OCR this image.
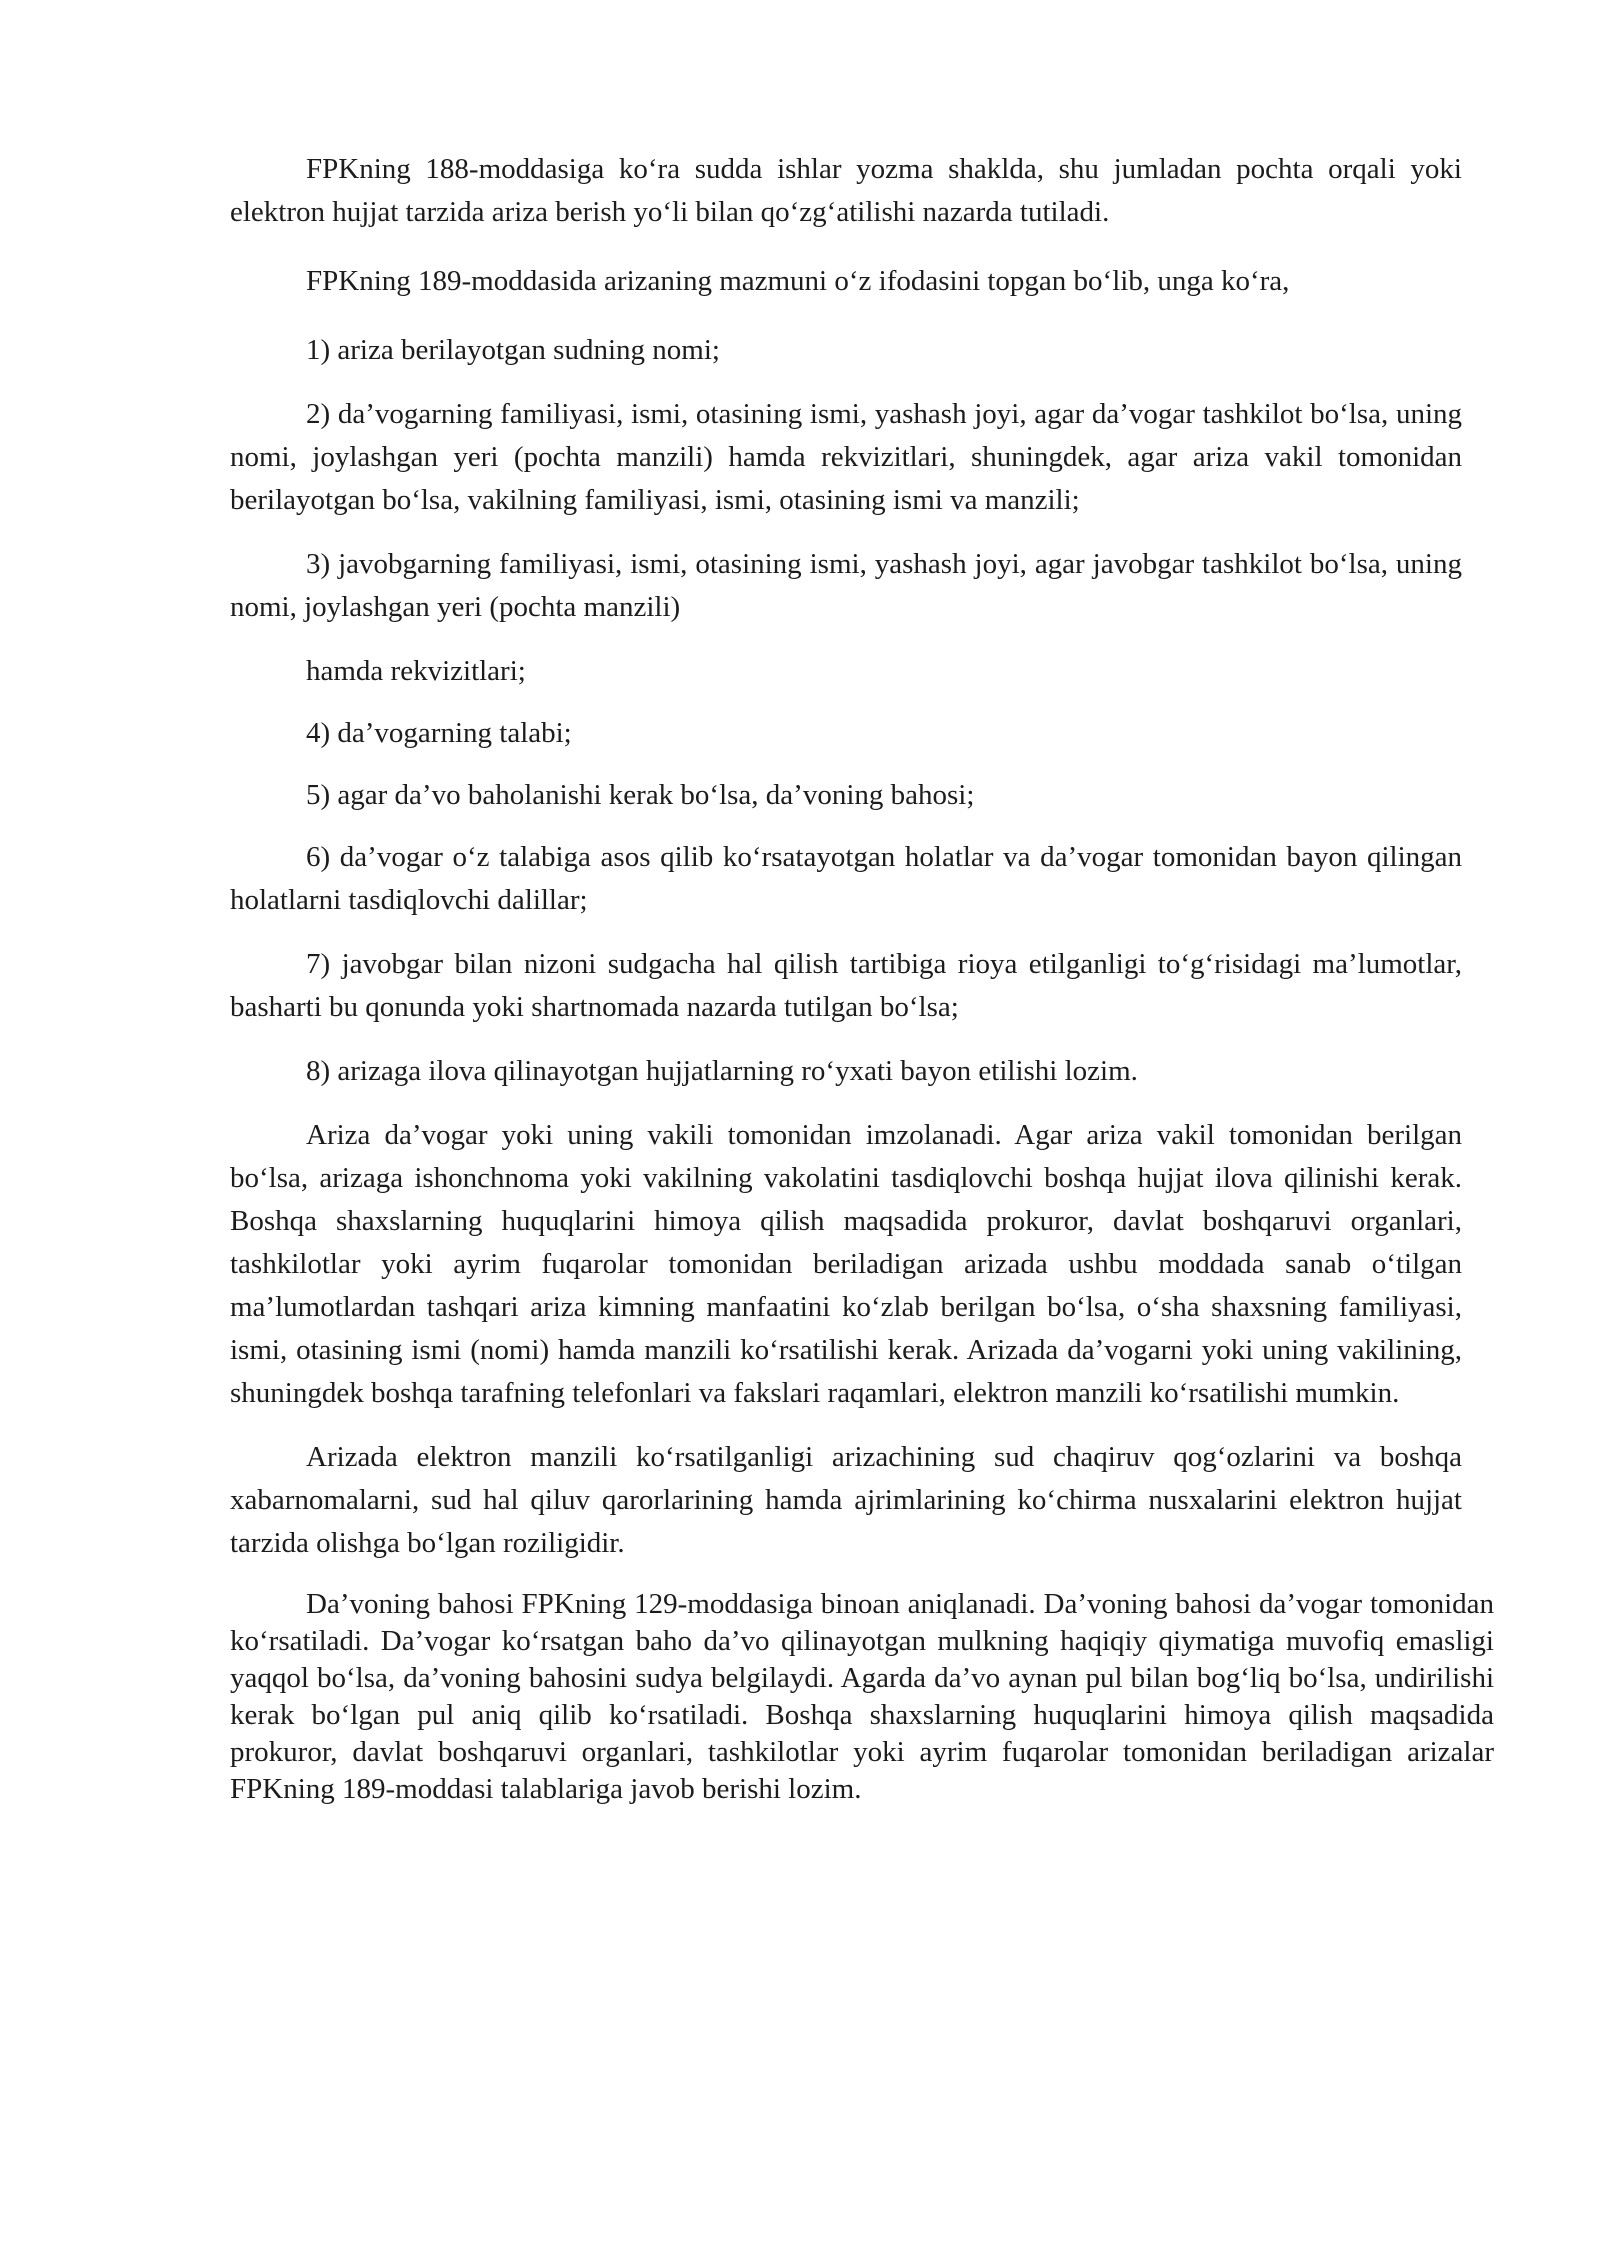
FPKning 188-moddasiga ko‘ra sudda ishlar yozma shaklda, shu jumladan pochta orqali yoki elektron hujjat tarzida ariza berish yo‘li bilan qo‘zg‘atilishi nazarda tutiladi.

FPKning 189-moddasida arizaning mazmuni o‘z ifodasini topgan bo‘lib, unga ko‘ra,

1) ariza berilayotgan sudning nomi;

2) da’vogarning familiyasi, ismi, otasining ismi, yashash joyi, agar da’vogar tashkilot bo‘lsa, uning nomi, joylashgan yeri (pochta manzili) hamda rekvizitlari, shuningdek, agar ariza vakil tomonidan berilayotgan bo‘lsa, vakilning familiyasi, ismi, otasining ismi va manzili;

3) javobgarning familiyasi, ismi, otasining ismi, yashash joyi, agar javobgar tashkilot bo‘lsa, uning nomi, joylashgan yeri (pochta manzili)

hamda rekvizitlari;

4) da’vogarning talabi;

5) agar da’vo baholanishi kerak bo‘lsa, da’voning bahosi;

6) da’vogar o‘z talabiga asos qilib ko‘rsatayotgan holatlar va da’vogar tomonidan bayon qilingan holatlarni tasdiqlovchi dalillar;

7) javobgar bilan nizoni sudgacha hal qilish tartibiga rioya etilganligi to‘g‘risidagi ma’lumotlar, basharti bu qonunda yoki shartnomada nazarda tutilgan bo‘lsa;

8) arizaga ilova qilinayotgan hujjatlarning ro‘yxati bayon etilishi lozim.

Ariza da’vogar yoki uning vakili tomonidan imzolanadi. Agar ariza vakil tomonidan berilgan bo‘lsa, arizaga ishonchnoma yoki vakilning vakolatini tasdiqlovchi boshqa hujjat ilova qilinishi kerak. Boshqa shaxslarning huquqlarini himoya qilish maqsadida prokuror, davlat boshqaruvi organlari, tashkilotlar yoki ayrim fuqarolar tomonidan beriladigan arizada ushbu moddada sanab o‘tilgan ma’lumotlardan tashqari ariza kimning manfaatini ko‘zlab berilgan bo‘lsa, o‘sha shaxsning familiyasi, ismi, otasining ismi (nomi) hamda manzili ko‘rsatilishi kerak. Arizada da’vogarni yoki uning vakilining, shuningdek boshqa tarafning telefonlari va fakslari raqamlari, elektron manzili ko‘rsatilishi mumkin.

Arizada elektron manzili ko‘rsatilganligi arizachining sud chaqiruv qog‘ozlarini va boshqa xabarnomalarni, sud hal qiluv qarorlarining hamda ajrimlarining ko‘chirma nusxalarini elektron hujjat tarzida olishga bo‘lgan roziligidir.

Da’voning bahosi FPKning 129-moddasiga binoan aniqlanadi. Da’voning bahosi da’vogar tomonidan ko‘rsatiladi. Da’vogar ko‘rsatgan baho da’vo qilinayotgan mulkning haqiqiy qiymatiga muvofiq emasligi yaqqol bo‘lsa, da’voning bahosini sudya belgilaydi. Agarda da’vo aynan pul bilan bog‘liq bo‘lsa, undirilishi kerak bo‘lgan pul aniq qilib ko‘rsatiladi. Boshqa shaxslarning huquqlarini himoya qilish maqsadida prokuror, davlat boshqaruvi organlari, tashkilotlar yoki ayrim fuqarolar tomonidan beriladigan arizalar FPKning 189-moddasi talablariga javob berishi lozim.
